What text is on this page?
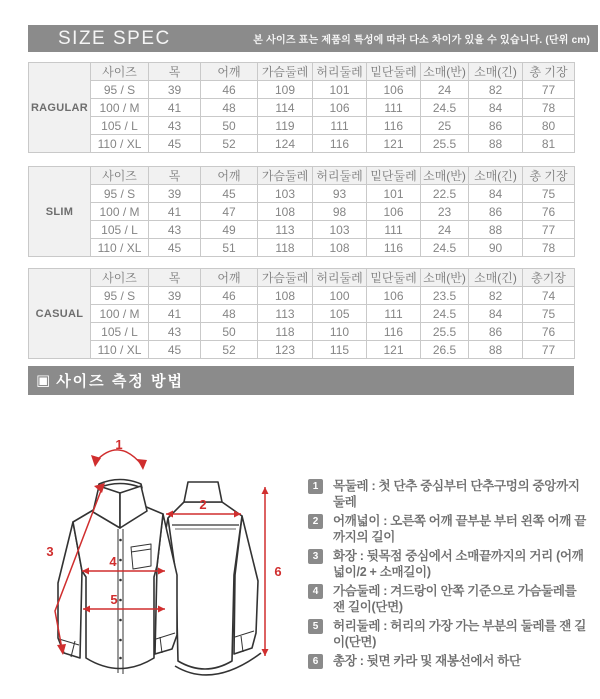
SIZE SPEC	본 사이즈 표는 제품의 특성에 따라 다소 차이가 있을 수 있습니다. (단위 cm)
RAGULAR	사이즈	목	어깨	가슴둘레	허리둘레	밑단둘레	소매(반)	소매(긴)	총 기장
	95 / S	39	46	109	101	106	24	82	77
	100 / M	41	48	114	106	111	24.5	84	78
	105 / L	43	50	119	111	116	25	86	80
	110 / XL	45	52	124	116	121	25.5	88	81
SLIM	사이즈	목	어깨	가슴둘레	허리둘레	밑단둘레	소매(반)	소매(긴)	총 기장
	95 / S	39	45	103	93	101	22.5	84	75
	100 / M	41	47	108	98	106	23	86	76
	105 / L	43	49	113	103	111	24	88	77
	110 / XL	45	51	118	108	116	24.5	90	78
CASUAL	사이즈	목	어깨	가슴둘레	허리둘레	밑단둘레	소매(반)	소매(긴)	총기장
	95 / S	39	46	108	100	106	23.5	82	74
	100 / M	41	48	113	105	111	24.5	84	75
	105 / L	43	50	118	110	116	25.5	86	76
	110 / XL	45	52	123	115	121	26.5	88	77
▣ 사이즈 측정 방법
1
2
3
4
5
6
1	목둘레 : 첫 단추 중심부터 단추구멍의 중앙까지 둘레
2	어깨넓이 : 오른쪽 어깨 끝부분 부터 왼쪽 어깨 끝까지의 길이
3	화장 : 뒷목점 중심에서 소매끝까지의 거리 (어깨넓이/2 + 소매길이)
4	가슴둘레 : 겨드랑이 안쪽 기준으로 가슴둘레를 잰 길이(단면)
5	허리둘레 : 허리의 가장 가는 부분의 둘레를 잰 길이(단면)
6	총장 : 뒷면 카라 및 재봉선에서 하단
